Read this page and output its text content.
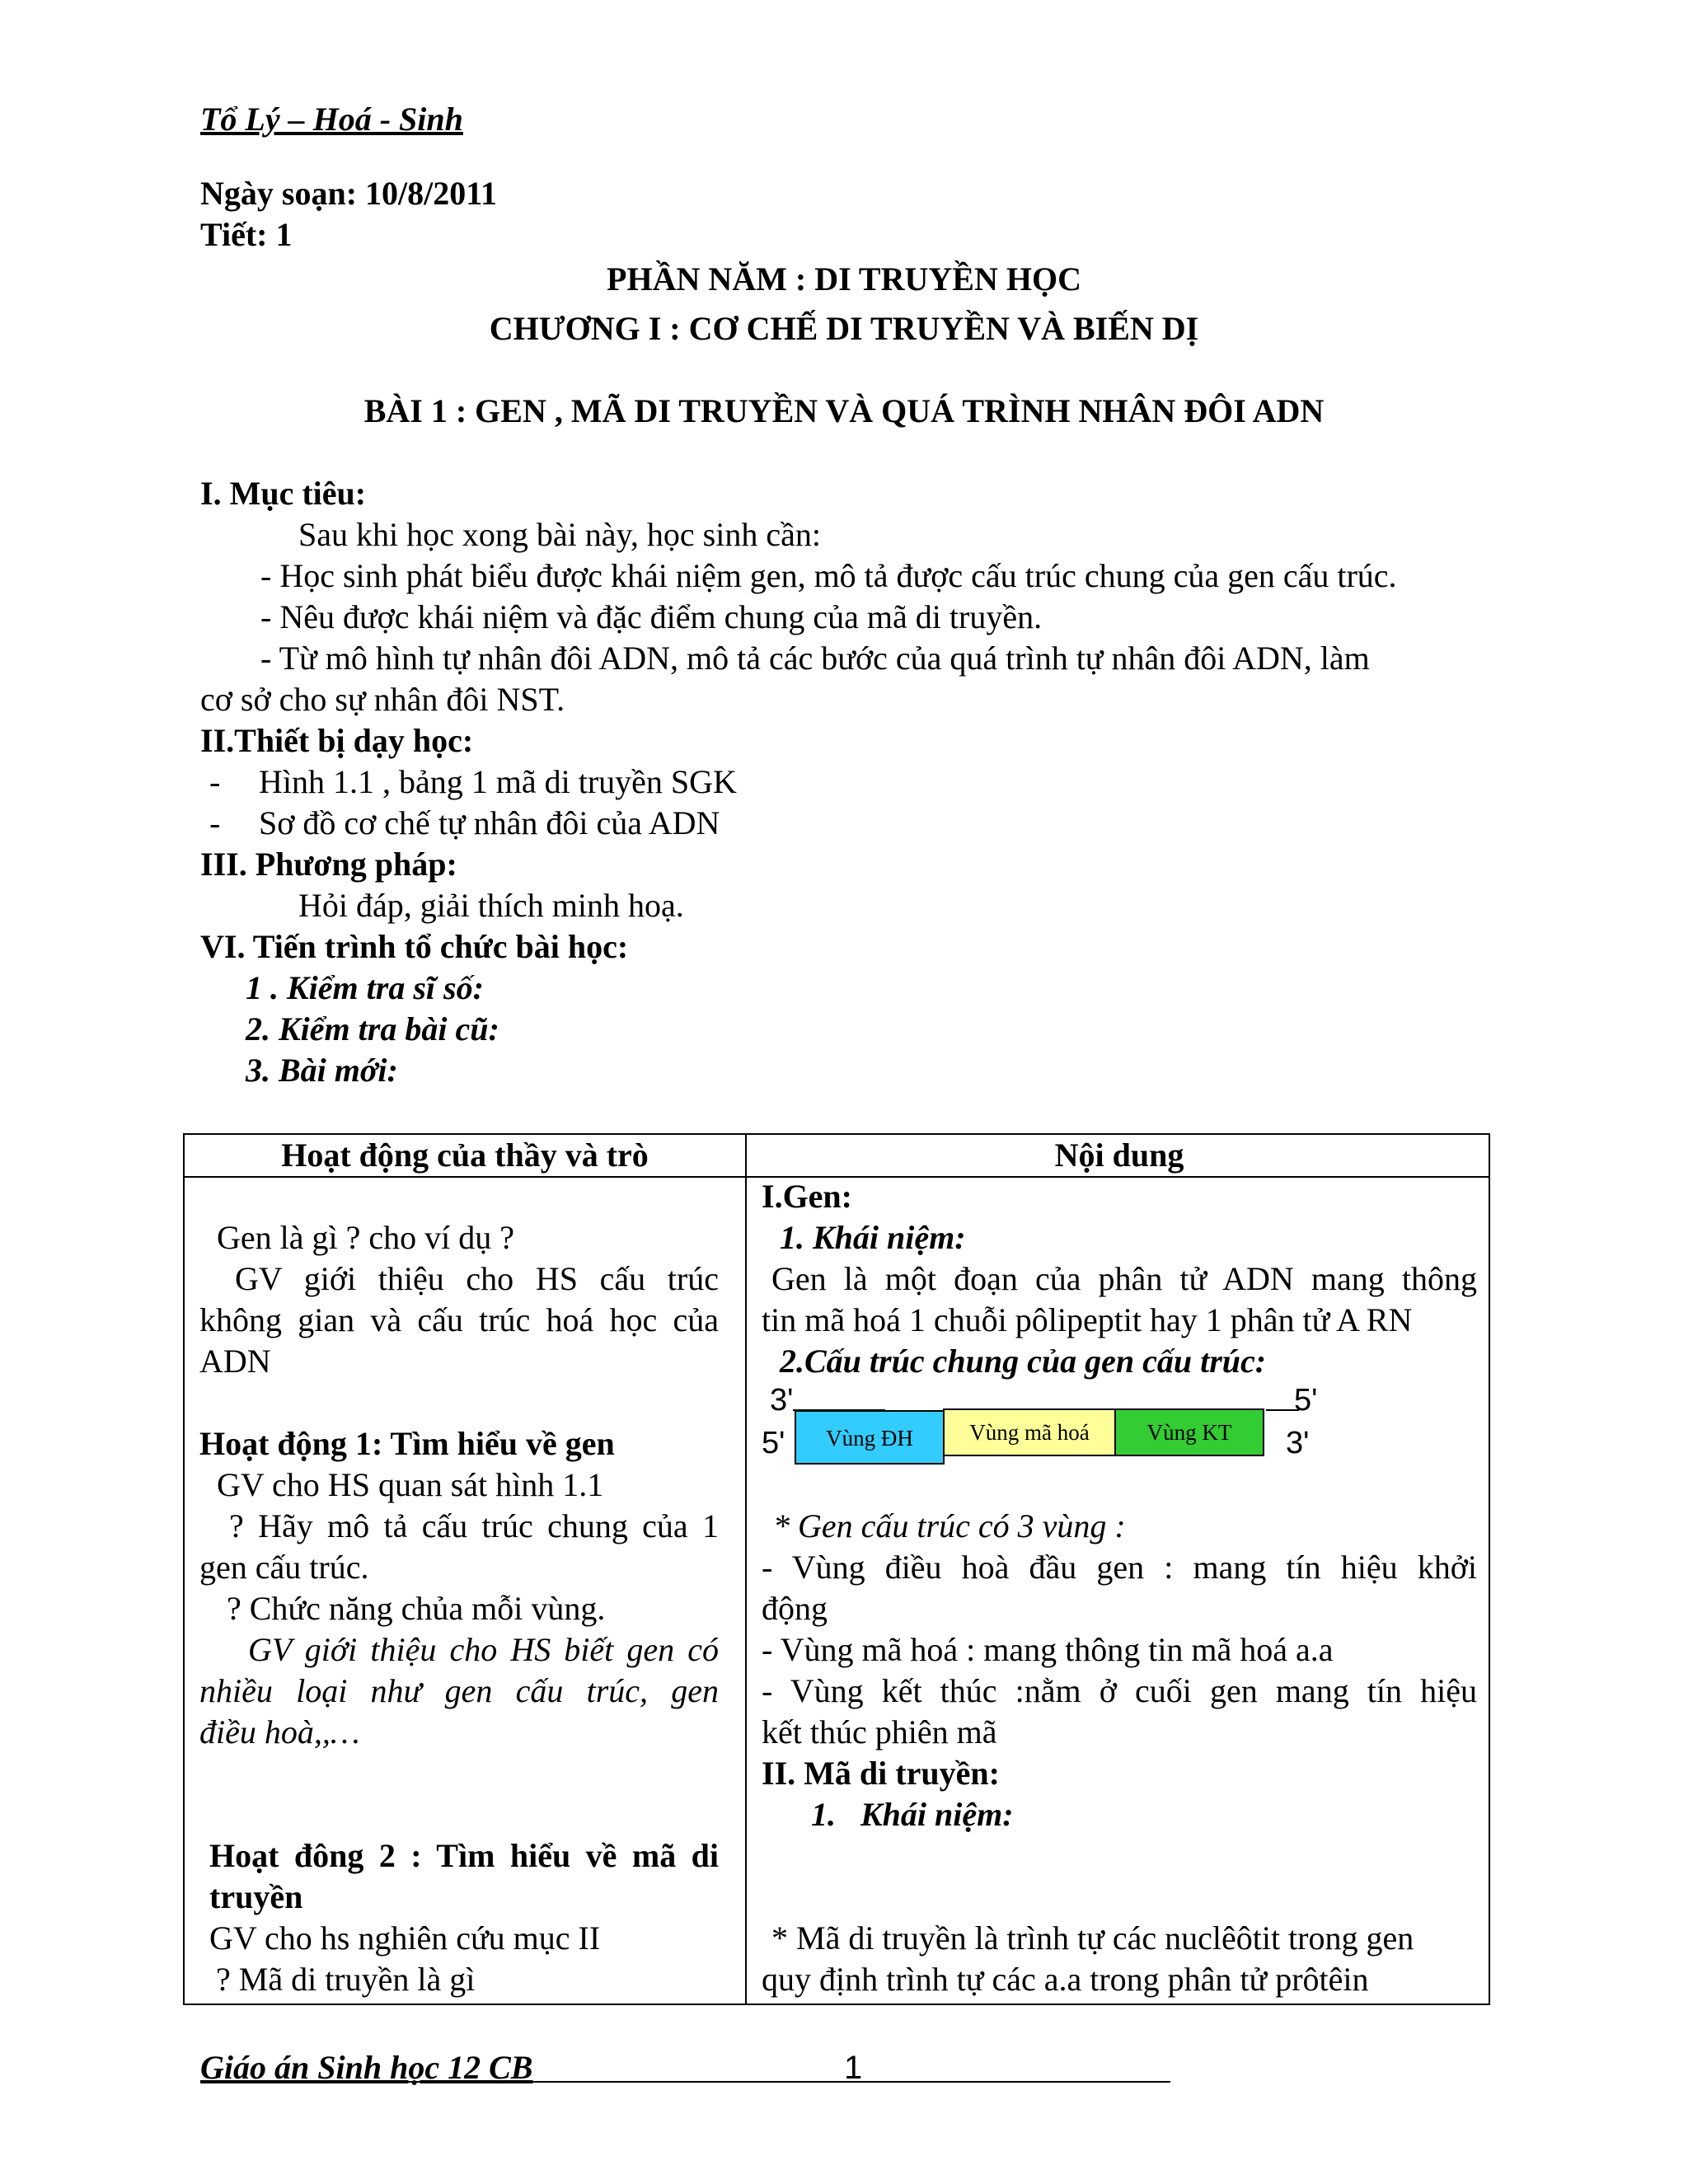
Tổ Lý – Hoá - Sinh
Ngày soạn: 10/8/2011
Tiết: 1
PHẦN NĂM : DI TRUYỀN HỌC
CHƯƠNG I : CƠ CHẾ DI TRUYỀN VÀ BIẾN DỊ
BÀI 1 : GEN , MÃ DI TRUYỀN VÀ QUÁ TRÌNH NHÂN ĐÔI ADN
I. Mục tiêu:
Sau khi học xong bài này, học sinh cần:
- Học sinh phát biểu được khái niệm gen, mô tả được cấu trúc chung của gen cấu trúc.
- Nêu được khái niệm và đặc điểm chung của mã di truyền.
- Từ mô hình tự nhân đôi ADN, mô tả các bước của quá trình tự nhân đôi ADN, làm
cơ sở cho sự nhân đôi NST.
II.Thiết bị dạy học:
- Hình 1.1 , bảng 1 mã di truyền SGK
- Sơ đồ cơ chế tự nhân đôi của ADN
III. Phương pháp:
Hỏi đáp, giải thích minh hoạ.
VI. Tiến trình tổ chức bài học:
1 . Kiểm tra sĩ số:
2. Kiểm tra bài cũ:
3. Bài mới:
Hoạt động của thầy và trò	Nội dung
Gen là gì ? cho ví dụ ?
GV giới thiệu cho HS cấu trúc
không gian và cấu trúc hoá học của
ADN
Hoạt động 1: Tìm hiểu về gen
GV cho HS quan sát hình 1.1
? Hãy mô tả cấu trúc chung của 1
gen cấu trúc.
? Chức năng chủa mỗi vùng.
GV giới thiệu cho HS biết gen có
nhiều loại như gen cấu trúc, gen
điều hoà,,…
Hoạt đông 2 : Tìm hiểu về mã di
truyền
GV cho hs nghiên cứu mục II
? Mã di truyền là gì
I.Gen:
1. Khái niệm:
Gen là một đoạn của phân tử ADN mang thông
tin mã hoá 1 chuỗi pôlipeptit hay 1 phân tử A RN
2.Cấu trúc chung của gen cấu trúc:
3'	5'
5'	3'
Vùng ĐH	Vùng mã hoá	Vùng KT
* Gen cấu trúc có 3 vùng :
- Vùng điều hoà đầu gen : mang tín hiệu khởi
động
- Vùng mã hoá : mang thông tin mã hoá a.a
- Vùng kết thúc :nằm ở cuối gen mang tín hiệu
kết thúc phiên mã
II. Mã di truyền:
1.   Khái niệm:
* Mã di truyền là trình tự các nuclêôtit trong gen
quy định trình tự các a.a trong phân tử prôtêin
Giáo án Sinh học 12 CB	1
